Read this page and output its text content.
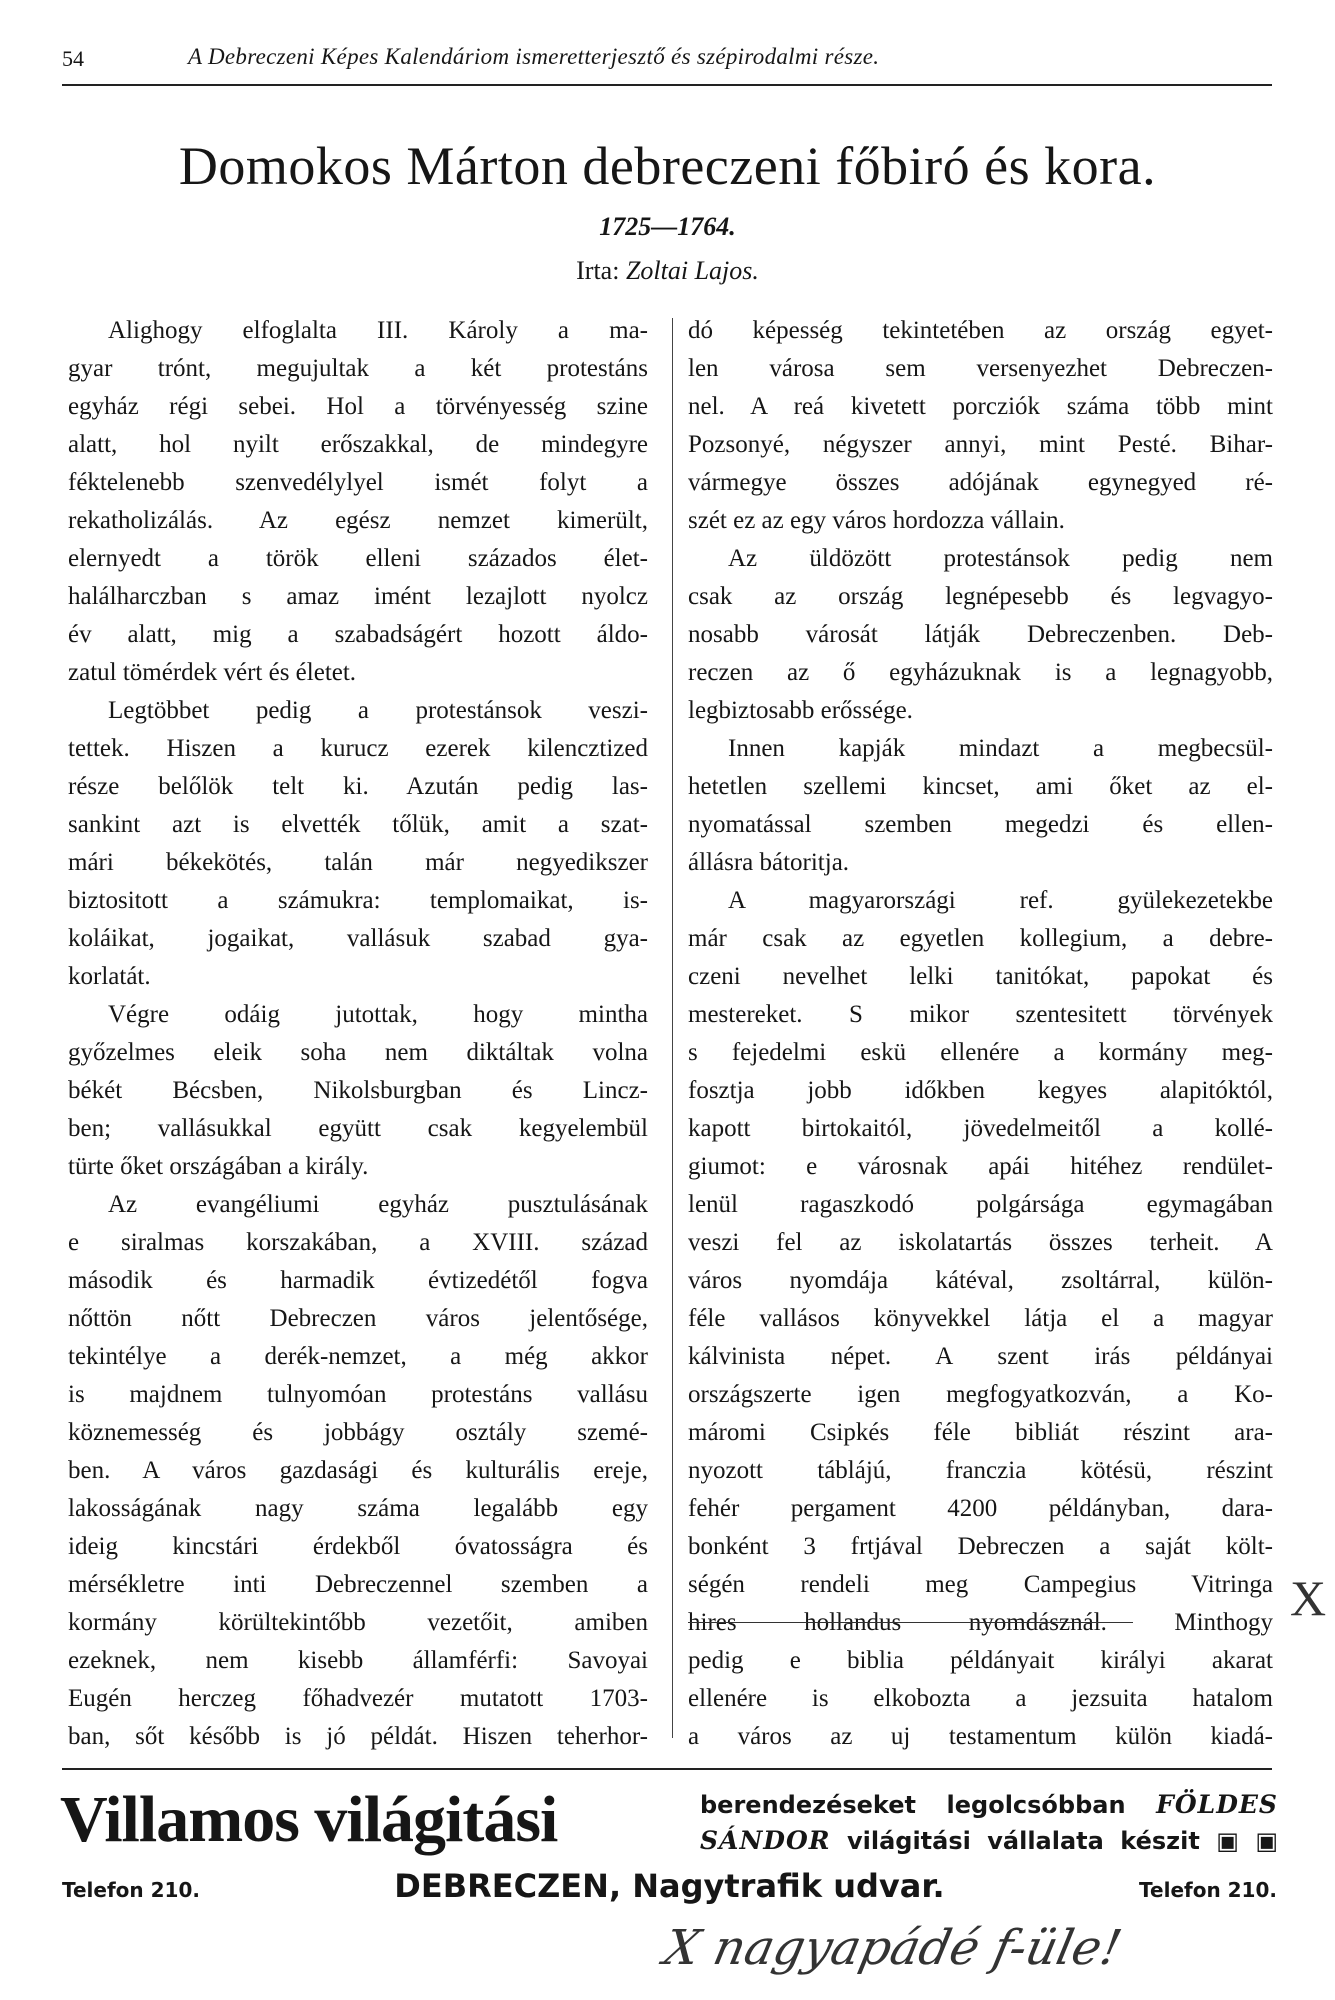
54	A Debreczeni Képes Kalendáriom ismeretterjesztő és szépirodalmi része.
Domokos Márton debreczeni főbiró és kora.
1725—1764.
Irta: Zoltai Lajos.
Alighogy elfoglalta III. Károly a ma-
gyar trónt, megujultak a két protestáns
egyház régi sebei. Hol a törvényesség szine
alatt, hol nyilt erőszakkal, de mindegyre
féktelenebb szenvedélylyel ismét folyt a
rekatholizálás. Az egész nemzet kimerült,
elernyedt a török elleni százados élet-
halálharczban s amaz imént lezajlott nyolcz
év alatt, mig a szabadságért hozott áldo-
zatul tömérdek vért és életet.
Legtöbbet pedig a protestánsok veszi-
tettek. Hiszen a kurucz ezerek kilencztized
része belőlök telt ki. Azután pedig las-
sankint azt is elvették tőlük, amit a szat-
mári békekötés, talán már negyedikszer
biztositott a számukra: templomaikat, is-
koláikat, jogaikat, vallásuk szabad gya-
korlatát.
Végre odáig jutottak, hogy mintha
győzelmes eleik soha nem diktáltak volna
békét Bécsben, Nikolsburgban és Lincz-
ben; vallásukkal együtt csak kegyelembül
türte őket országában a király.
Az evangéliumi egyház pusztulásának
e siralmas korszakában, a XVIII. század
második és harmadik évtizedétől fogva
nőttön nőtt Debreczen város jelentősége,
tekintélye a derék-nemzet, a még akkor
is majdnem tulnyomóan protestáns vallásu
köznemesség és jobbágy osztály szemé-
ben. A város gazdasági és kulturális ereje,
lakosságának nagy száma legalább egy
ideig kincstári érdekből óvatosságra és
mérsékletre inti Debreczennel szemben a
kormány körültekintőbb vezetőit, amiben
ezeknek, nem kisebb államférfi: Savoyai
Eugén herczeg főhadvezér mutatott 1703-
ban, sőt később is jó példát. Hiszen teherhor-
dó képesség tekintetében az ország egyet-
len városa sem versenyezhet Debreczen-
nel. A reá kivetett porcziók száma több mint
Pozsonyé, négyszer annyi, mint Pesté. Bihar-
vármegye összes adójának egynegyed ré-
szét ez az egy város hordozza vállain.
Az üldözött protestánsok pedig nem
csak az ország legnépesebb és legvagyo-
nosabb városát látják Debreczenben. Deb-
reczen az ő egyházuknak is a legnagyobb,
legbiztosabb erőssége.
Innen kapják mindazt a megbecsül-
hetetlen szellemi kincset, ami őket az el-
nyomatással szemben megedzi és ellen-
állásra bátoritja.
A magyarországi ref. gyülekezetekbe
már csak az egyetlen kollegium, a debre-
czeni nevelhet lelki tanitókat, papokat és
mestereket. S mikor szentesitett törvények
s fejedelmi eskü ellenére a kormány meg-
fosztja jobb időkben kegyes alapitóktól,
kapott birtokaitól, jövedelmeitől a kollé-
giumot: e városnak apái hitéhez rendület-
lenül ragaszkodó polgársága egymagában
veszi fel az iskolatartás összes terheit. A
város nyomdája kátéval, zsoltárral, külön-
féle vallásos könyvekkel látja el a magyar
kálvinista népet. A szent irás példányai
országszerte igen megfogyatkozván, a Ko-
máromi Csipkés féle bibliát részint ara-
nyozott táblájú, franczia kötésü, részint
fehér pergament 4200 példányban, dara-
bonként 3 frtjával Debreczen a saját költ-
ségén rendeli meg Campegius Vitringa
hires hollandus nyomdásznál. Minthogy
pedig e biblia példányait királyi akarat
ellenére is elkobozta a jezsuita hatalom
a város az uj testamentum külön kiadá-
X
Villamos világitási	berendezéseket legolcsóbban FÖLDES
SÁNDOR világitási vállalata készit ▣ ▣
Telefon 210.	DEBRECZEN, Nagytrafik udvar.	Telefon 210.
X nagyapádé f-üle!
